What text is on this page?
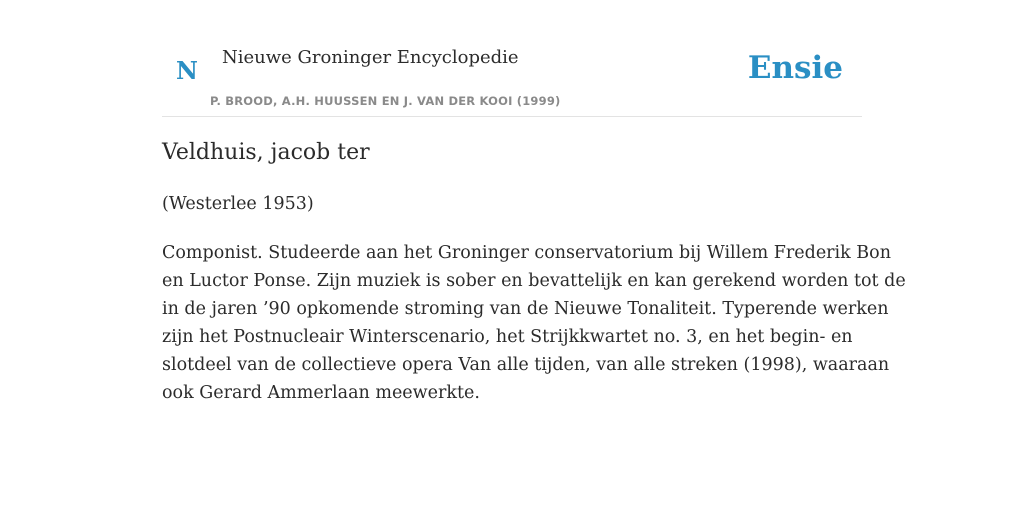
N Nieuwe Groninger Encyclopedie
P. BROOD, A.H. HUUSSEN EN J. VAN DER KOOI (1999)
Ensie
Veldhuis, jacob ter

(Westerlee 1953)

Componist. Studeerde aan het Groninger conservatorium bij Willem Frederik Bon
en Luctor Ponse. Zijn muziek is sober en bevattelijk en kan gerekend worden tot de
in de jaren ’90 opkomende stroming van de Nieuwe Tonaliteit. Typerende werken
zijn het Postnucleair Winterscenario, het Strijkkwartet no. 3, en het begin- en
slotdeel van de collectieve opera Van alle tijden, van alle streken (1998), waaraan
ook Gerard Ammerlaan meewerkte.
